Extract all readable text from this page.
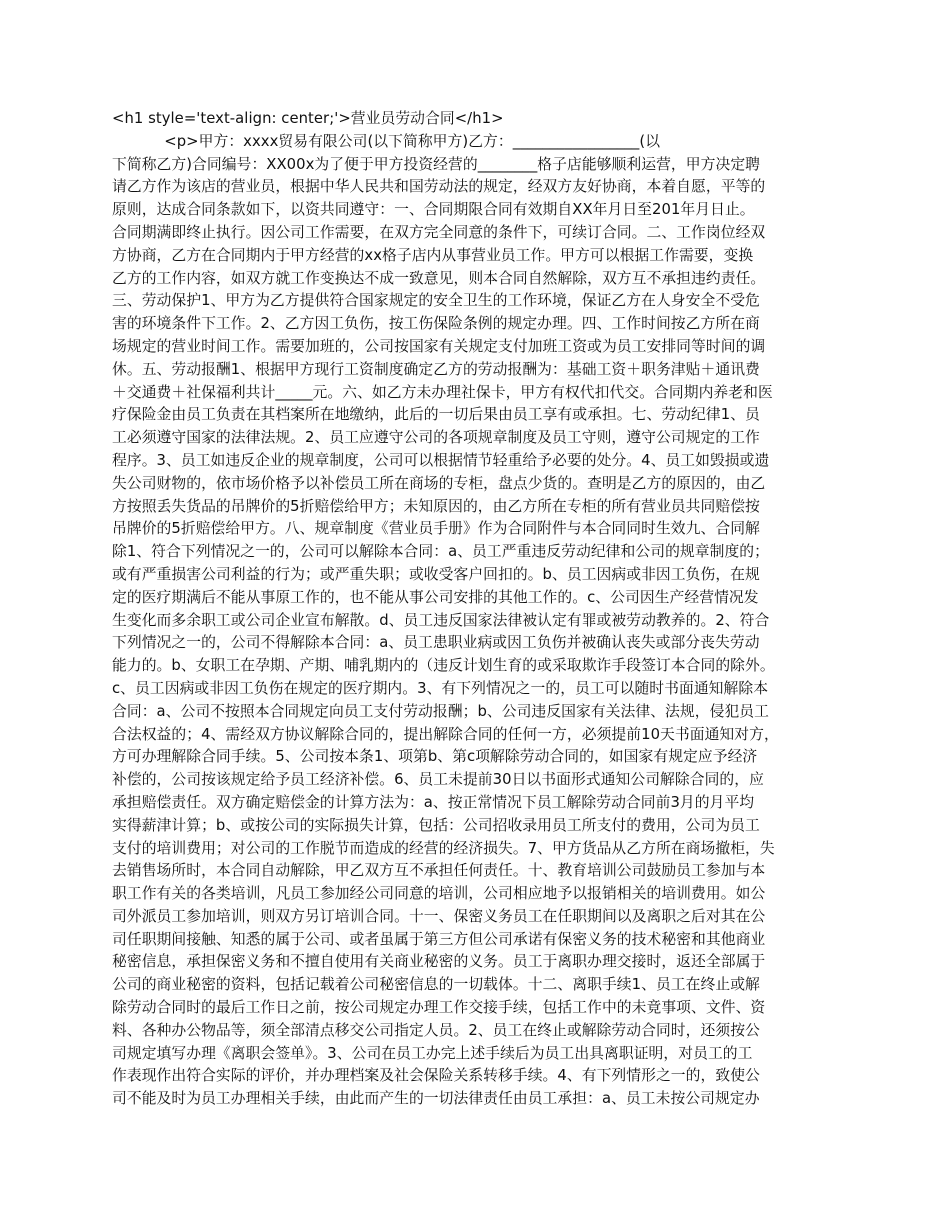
<h1 style='text-align: center;'>营业员劳动合同</h1>
<p>甲方：xxxx贸易有限公司(以下简称甲方)乙方：_________________(以
下简称乙方)合同编号：XX00x为了便于甲方投资经营的________格子店能够顺利运营，甲方决定聘
请乙方作为该店的营业员，根据中华人民共和国劳动法的规定，经双方友好协商，本着自愿，平等的
原则，达成合同条款如下，以资共同遵守：一、合同期限合同有效期自XX年月日至201年月日止。
合同期满即终止执行。因公司工作需要，在双方完全同意的条件下，可续订合同。二、工作岗位经双
方协商，乙方在合同期内于甲方经营的xx格子店内从事营业员工作。甲方可以根据工作需要，变换
乙方的工作内容，如双方就工作变换达不成一致意见，则本合同自然解除，双方互不承担违约责任。
三、劳动保护1、甲方为乙方提供符合国家规定的安全卫生的工作环境，保证乙方在人身安全不受危
害的环境条件下工作。2、乙方因工负伤，按工伤保险条例的规定办理。四、工作时间按乙方所在商
场规定的营业时间工作。需要加班的，公司按国家有关规定支付加班工资或为员工安排同等时间的调
休。五、劳动报酬1、根据甲方现行工资制度确定乙方的劳动报酬为：基础工资＋职务津贴＋通讯费
＋交通费＋社保福利共计_____元。六、如乙方未办理社保卡，甲方有权代扣代交。合同期内养老和医
疗保险金由员工负责在其档案所在地缴纳，此后的一切后果由员工享有或承担。七、劳动纪律1、员
工必须遵守国家的法律法规。2、员工应遵守公司的各项规章制度及员工守则，遵守公司规定的工作
程序。3、员工如违反企业的规章制度，公司可以根据情节轻重给予必要的处分。4、员工如毁损或遗
失公司财物的，依市场价格予以补偿员工所在商场的专柜，盘点少货的。查明是乙方的原因的，由乙
方按照丢失货品的吊牌价的5折赔偿给甲方；未知原因的，由乙方所在专柜的所有营业员共同赔偿按
吊牌价的5折赔偿给甲方。八、规章制度《营业员手册》作为合同附件与本合同同时生效九、合同解
除1、符合下列情况之一的，公司可以解除本合同：a、员工严重违反劳动纪律和公司的规章制度的；
或有严重损害公司利益的行为；或严重失职；或收受客户回扣的。b、员工因病或非因工负伤，在规
定的医疗期满后不能从事原工作的，也不能从事公司安排的其他工作的。c、公司因生产经营情况发
生变化而多余职工或公司企业宣布解散。d、员工违反国家法律被认定有罪或被劳动教养的。2、符合
下列情况之一的，公司不得解除本合同：a、员工患职业病或因工负伤并被确认丧失或部分丧失劳动
能力的。b、女职工在孕期、产期、哺乳期内的（违反计划生育的或采取欺诈手段签订本合同的除外。
c、员工因病或非因工负伤在规定的医疗期内。3、有下列情况之一的，员工可以随时书面通知解除本
合同：a、公司不按照本合同规定向员工支付劳动报酬；b、公司违反国家有关法律、法规，侵犯员工
合法权益的；4、需经双方协议解除合同的，提出解除合同的任何一方，必须提前10天书面通知对方，
方可办理解除合同手续。5、公司按本条1、项第b、第c项解除劳动合同的，如国家有规定应予经济
补偿的，公司按该规定给予员工经济补偿。6、员工未提前30日以书面形式通知公司解除合同的，应
承担赔偿责任。双方确定赔偿金的计算方法为：a、按正常情况下员工解除劳动合同前3月的月平均
实得薪津计算；b、或按公司的实际损失计算，包括：公司招收录用员工所支付的费用，公司为员工
支付的培训费用；对公司的工作脱节而造成的经营的经济损失。7、甲方货品从乙方所在商场撤柜，失
去销售场所时，本合同自动解除，甲乙双方互不承担任何责任。十、教育培训公司鼓励员工参加与本
职工作有关的各类培训，凡员工参加经公司同意的培训，公司相应地予以报销相关的培训费用。如公
司外派员工参加培训，则双方另订培训合同。十一、保密义务员工在任职期间以及离职之后对其在公
司任职期间接触、知悉的属于公司、或者虽属于第三方但公司承诺有保密义务的技术秘密和其他商业
秘密信息，承担保密义务和不擅自使用有关商业秘密的义务。员工于离职办理交接时，返还全部属于
公司的商业秘密的资料，包括记载着公司秘密信息的一切载体。十二、离职手续1、员工在终止或解
除劳动合同时的最后工作日之前，按公司规定办理工作交接手续，包括工作中的未竟事项、文件、资
料、各种办公物品等，须全部清点移交公司指定人员。2、员工在终止或解除劳动合同时，还须按公
司规定填写办理《离职会签单》。3、公司在员工办完上述手续后为员工出具离职证明，对员工的工
作表现作出符合实际的评价，并办理档案及社会保险关系转移手续。4、有下列情形之一的，致使公
司不能及时为员工办理相关手续，由此而产生的一切法律责任由员工承担：a、员工未按公司规定办
